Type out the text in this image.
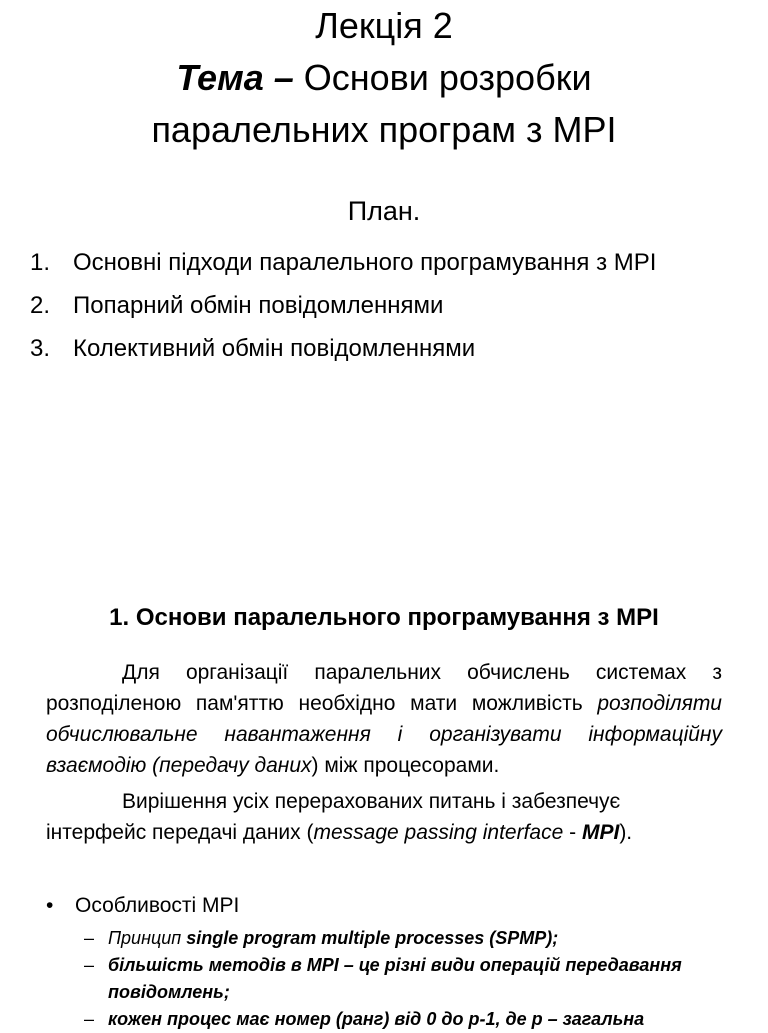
Лекція 2
Тема – Основи розробки
паралельних програм з МРІ
План.
1. Основні підходи паралельного програмування з МРІ
2. Попарний обмін повідомленнями
3. Колективний обмін повідомленнями
1. Основи паралельного програмування з МРІ
Для організації паралельних обчислень системах з розподіленою пам'яттю необхідно мати можливість розподіляти обчислювальне навантаження і організувати інформаційну взаємодію (передачу даних) між процесорами.
Вирішення усіх перерахованих питань і забезпечує інтерфейс передачі даних (message passing interface - MPI).
• Особливості MPI
– Принцип single program multiple processes (SPMP);
– більшість методів в MPI – це різні види операцій передавання повідомлень;
– кожен процес має номер (ранг) від 0 до p-1, де p – загальна
